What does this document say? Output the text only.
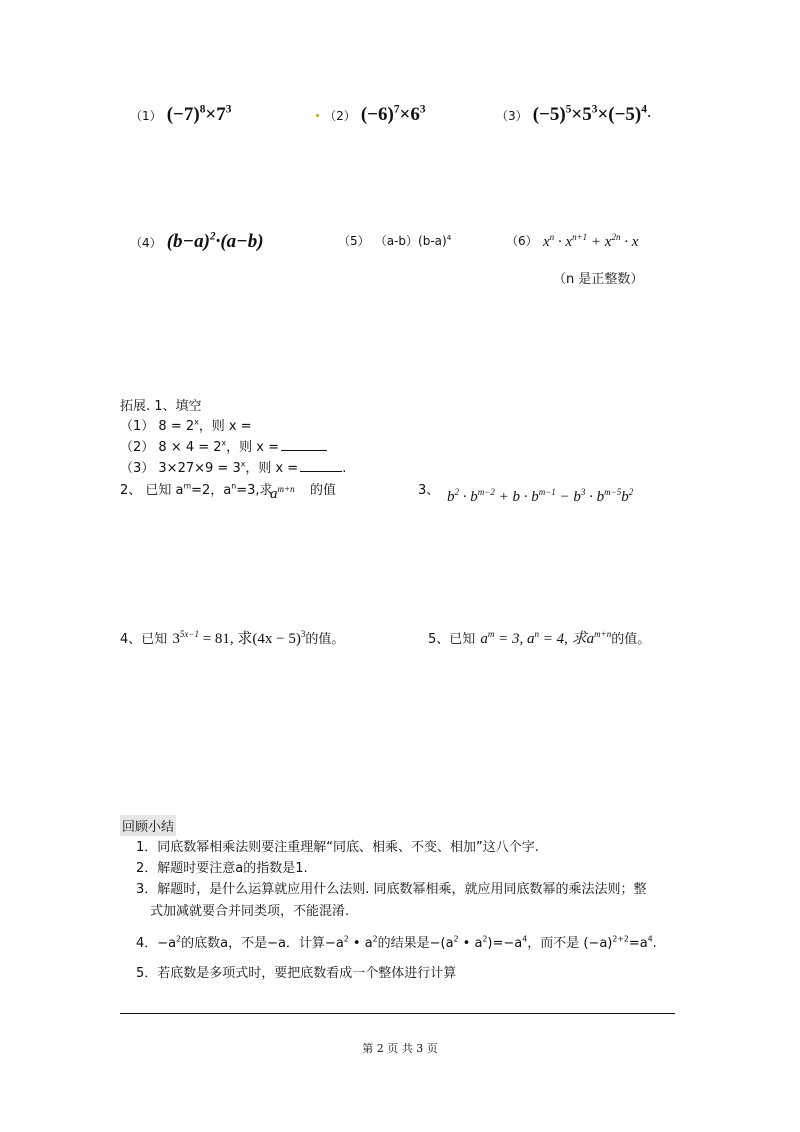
（1） $(-7)^8\times 7^3$	（2） $(-6)^7\times 6^3$	（3） $(-5)^5\times 5^3\times(-5)^4\cdot$
（4） $(b-a)^2\cdot(a-b)$	（5） $(a-b)(b-a)^4$	（6） $x^n \cdot x^{n+1} + x^{2n} \cdot x$
（n 是正整数）
拓展. 1、填空
（1） $8 = 2^x$，则 x =
（2） $8 \times 4 = 2^x$，则 x =
（3） $3\times 27\times 9 = 3^x$，则 x =	.
2、 已知 $a^m=2$，$a^n=3$,求
$a^{m+n}$ 的值	3、 $b^2 \cdot b^{m-2} + b \cdot b^{m-1} - b^3 \cdot b^{m-5}b^2$
4、已知 $3^{5x-1} = 81$, 求$(4x - 5)^3$的值。	5、已知 $a^m = 3$, $a^n = 4$, 求$a^{m+n}$的值。
回顾小结
1．同底数幂相乘法则要注重理解“同底、相乘、不变、相加”这八个字.
2．解题时要注意a的指数是1.
3．解题时，是什么运算就应用什么法则. 同底数幂相乘，就应用同底数幂的乘法法则；整
式加减就要合并同类项，不能混淆.
4．$-a^2$的底数a，不是−a．计算$-a^2$ • $a^2$的结果是$-(a^2$ • $a^2)=-a^4$，而不是 $(-a)^{2+2}=a^4$.
5．若底数是多项式时，要把底数看成一个整体进行计算
第 2 页 共 3 页
